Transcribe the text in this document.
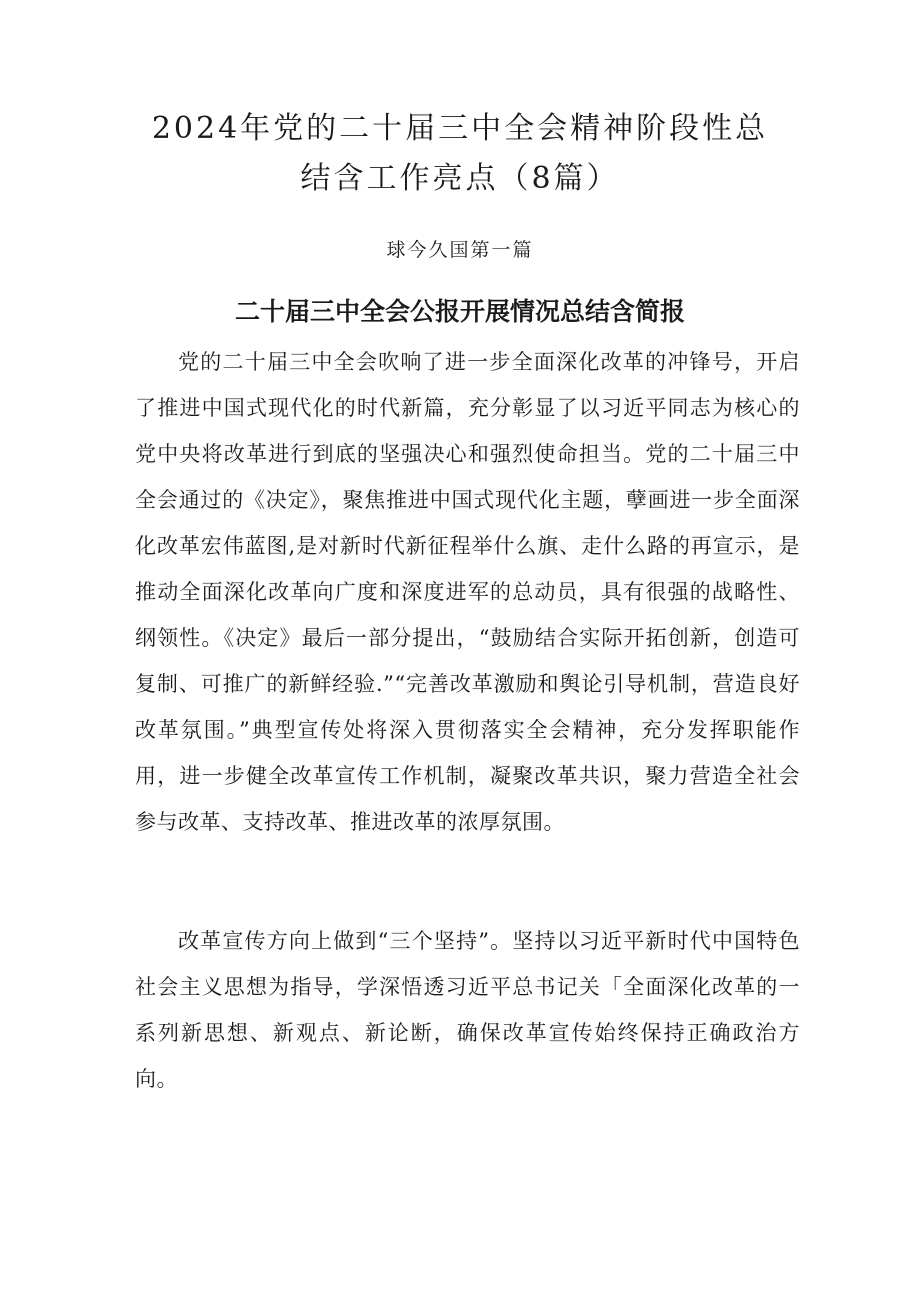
2024年党的二十届三中全会精神阶段性总
结含工作亮点（8篇）

球今久国第一篇

二十届三中全会公报开展情况总结含简报

党的二十届三中全会吹响了进一步全面深化改革的冲锋号，开启了推进中国式现代化的时代新篇，充分彰显了以习近平同志为核心的党中央将改革进行到底的坚强决心和强烈使命担当。党的二十届三中全会通过的《决定》，聚焦推进中国式现代化主题，孽画进一步全面深化改革宏伟蓝图,是对新时代新征程举什么旗、走什么路的再宣示，是推动全面深化改革向广度和深度进军的总动员，具有很强的战略性、纲领性。《决定》最后一部分提出，“鼓励结合实际开拓创新，创造可复制、可推广的新鲜经验.”“完善改革激励和舆论引导机制，营造良好改革氛围。”典型宣传处将深入贯彻落实全会精神，充分发挥职能作用，进一步健全改革宣传工作机制，凝聚改革共识，聚力营造全社会参与改革、支持改革、推进改革的浓厚氛围。

改革宣传方向上做到“三个坚持”。坚持以习近平新时代中国特色社会主义思想为指导，学深悟透习近平总书记关「全面深化改革的一系列新思想、新观点、新论断，确保改革宣传始终保持正确政治方向。
